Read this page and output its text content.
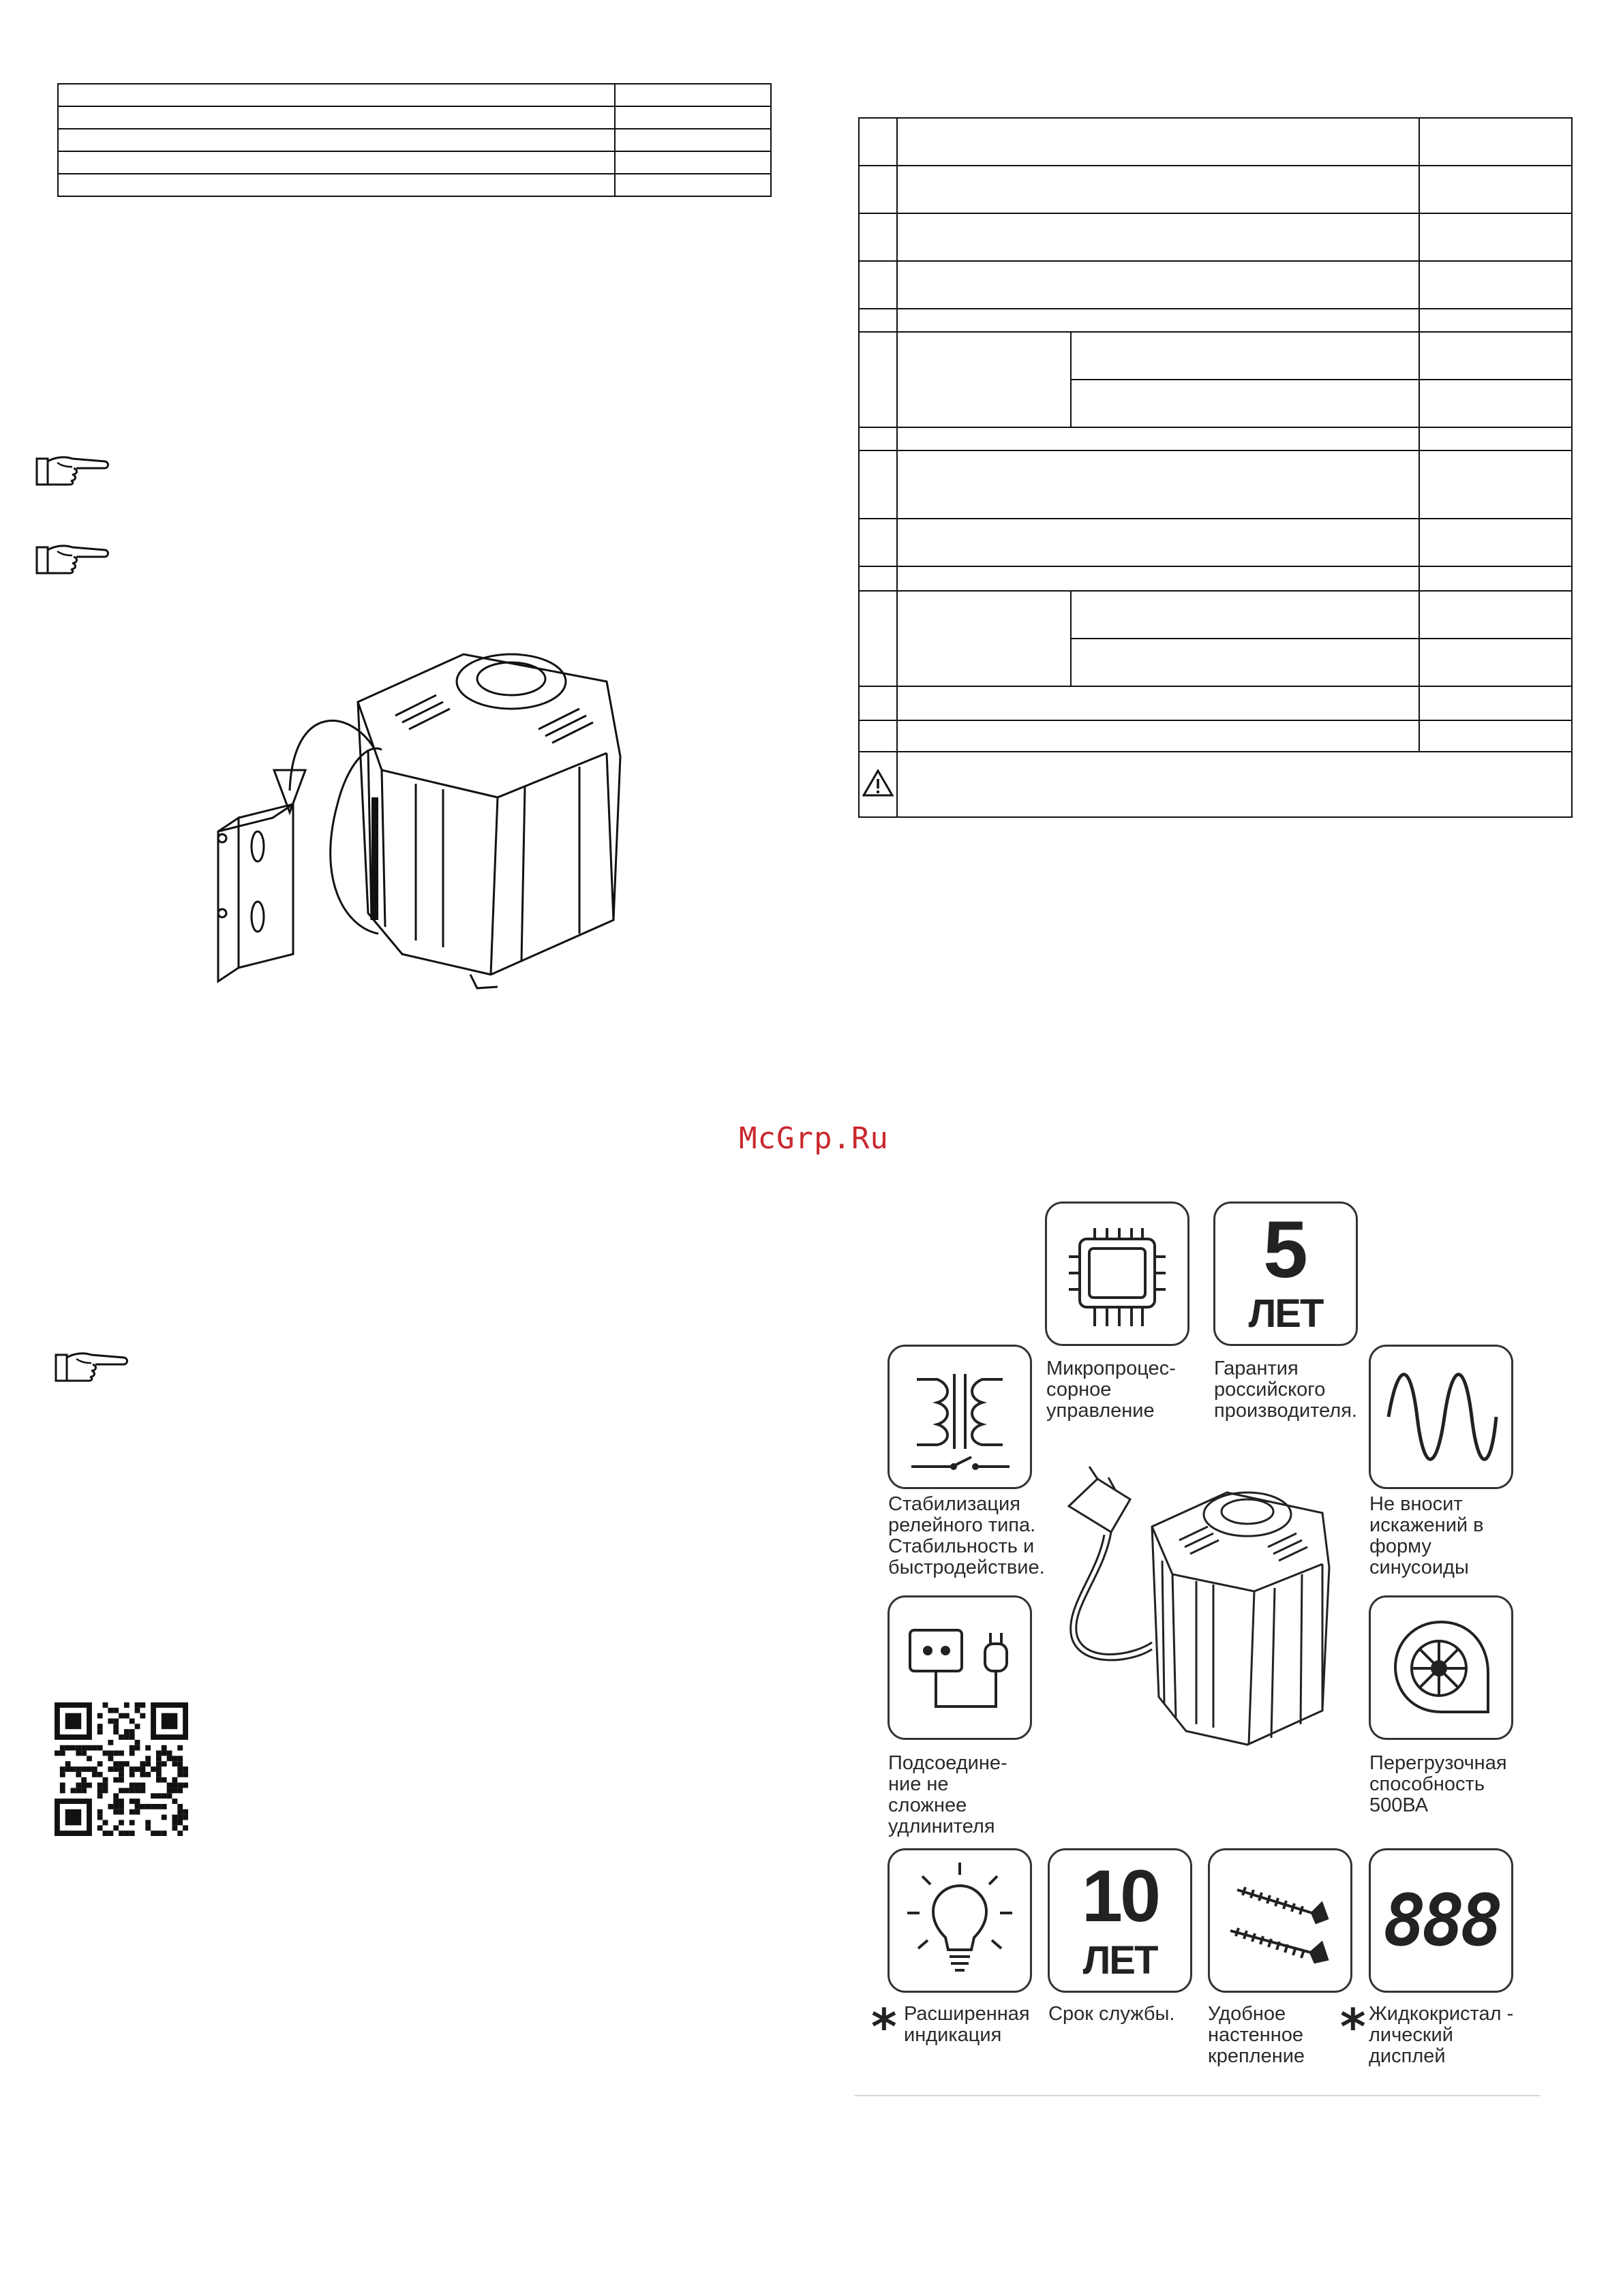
McGrp.Ru
Микропроцес-
сорное
управление
5
ЛЕТ
Гарантия
российского
производителя.
Стабилизация
релейного типа.
Стабильность и
быстродействие.
Не вносит
искажений в
форму
синусоиды
Подсоедине-
ние не
сложнее
удлинителя
Перегрузочная
способность
500ВА
* Расширенная
индикация
10
ЛЕТ
Срок службы. Удобное
настенное
крепление
888
* Жидкокристал -
лический
дисплей
